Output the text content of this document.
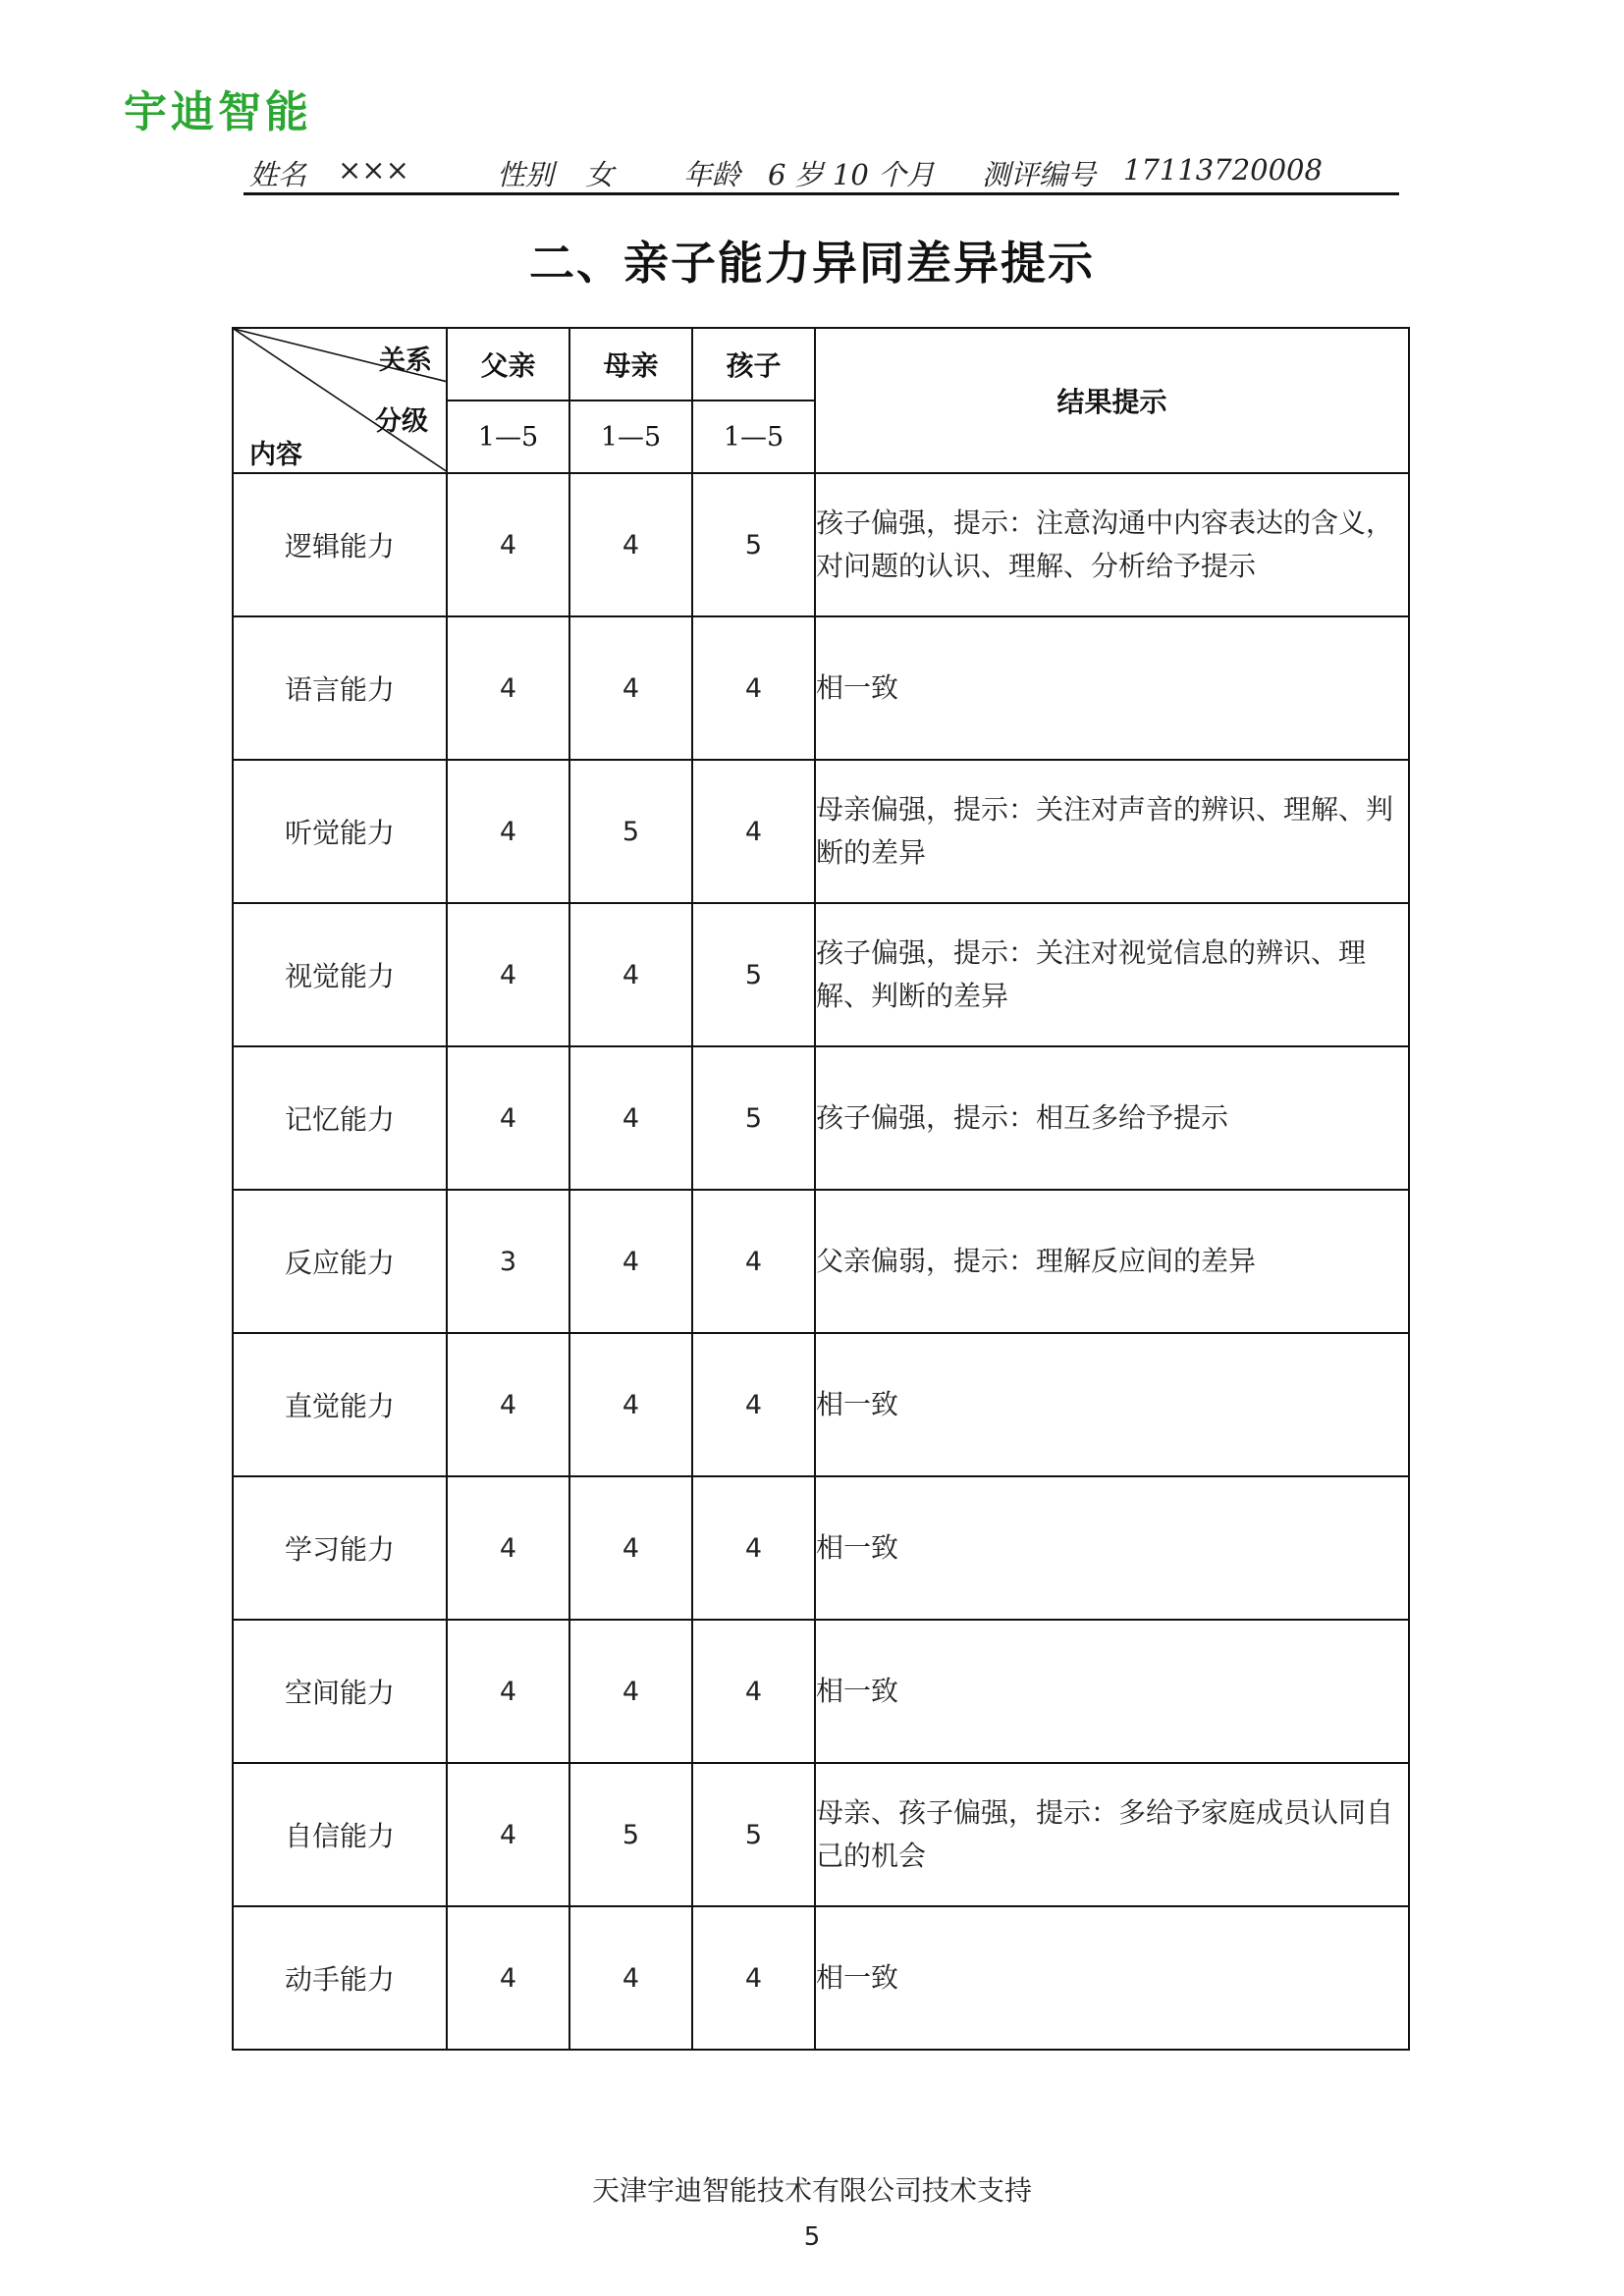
宇迪智能
姓名 ×××	性别 女 年龄 6 岁 10 个月 测评编号 17113720008
二、亲子能力异同差异提示
关系
分级
内容	父亲	母亲	孩子	结果提示
	1—5	1—5	1—5	
逻辑能力	4	4	5	孩子偏强，提示：注意沟通中内容表达的含义，对问题的认识、理解、分析给予提示
语言能力	4	4	4	相一致
听觉能力	4	5	4	母亲偏强，提示：关注对声音的辨识、理解、判断的差异
视觉能力	4	4	5	孩子偏强，提示：关注对视觉信息的辨识、理解、判断的差异
记忆能力	4	4	5	孩子偏强，提示：相互多给予提示
反应能力	3	4	4	父亲偏弱，提示：理解反应间的差异
直觉能力	4	4	4	相一致
学习能力	4	4	4	相一致
空间能力	4	4	4	相一致
自信能力	4	5	5	母亲、孩子偏强，提示：多给予家庭成员认同自己的机会
动手能力	4	4	4	相一致
天津宇迪智能技术有限公司技术支持
5
